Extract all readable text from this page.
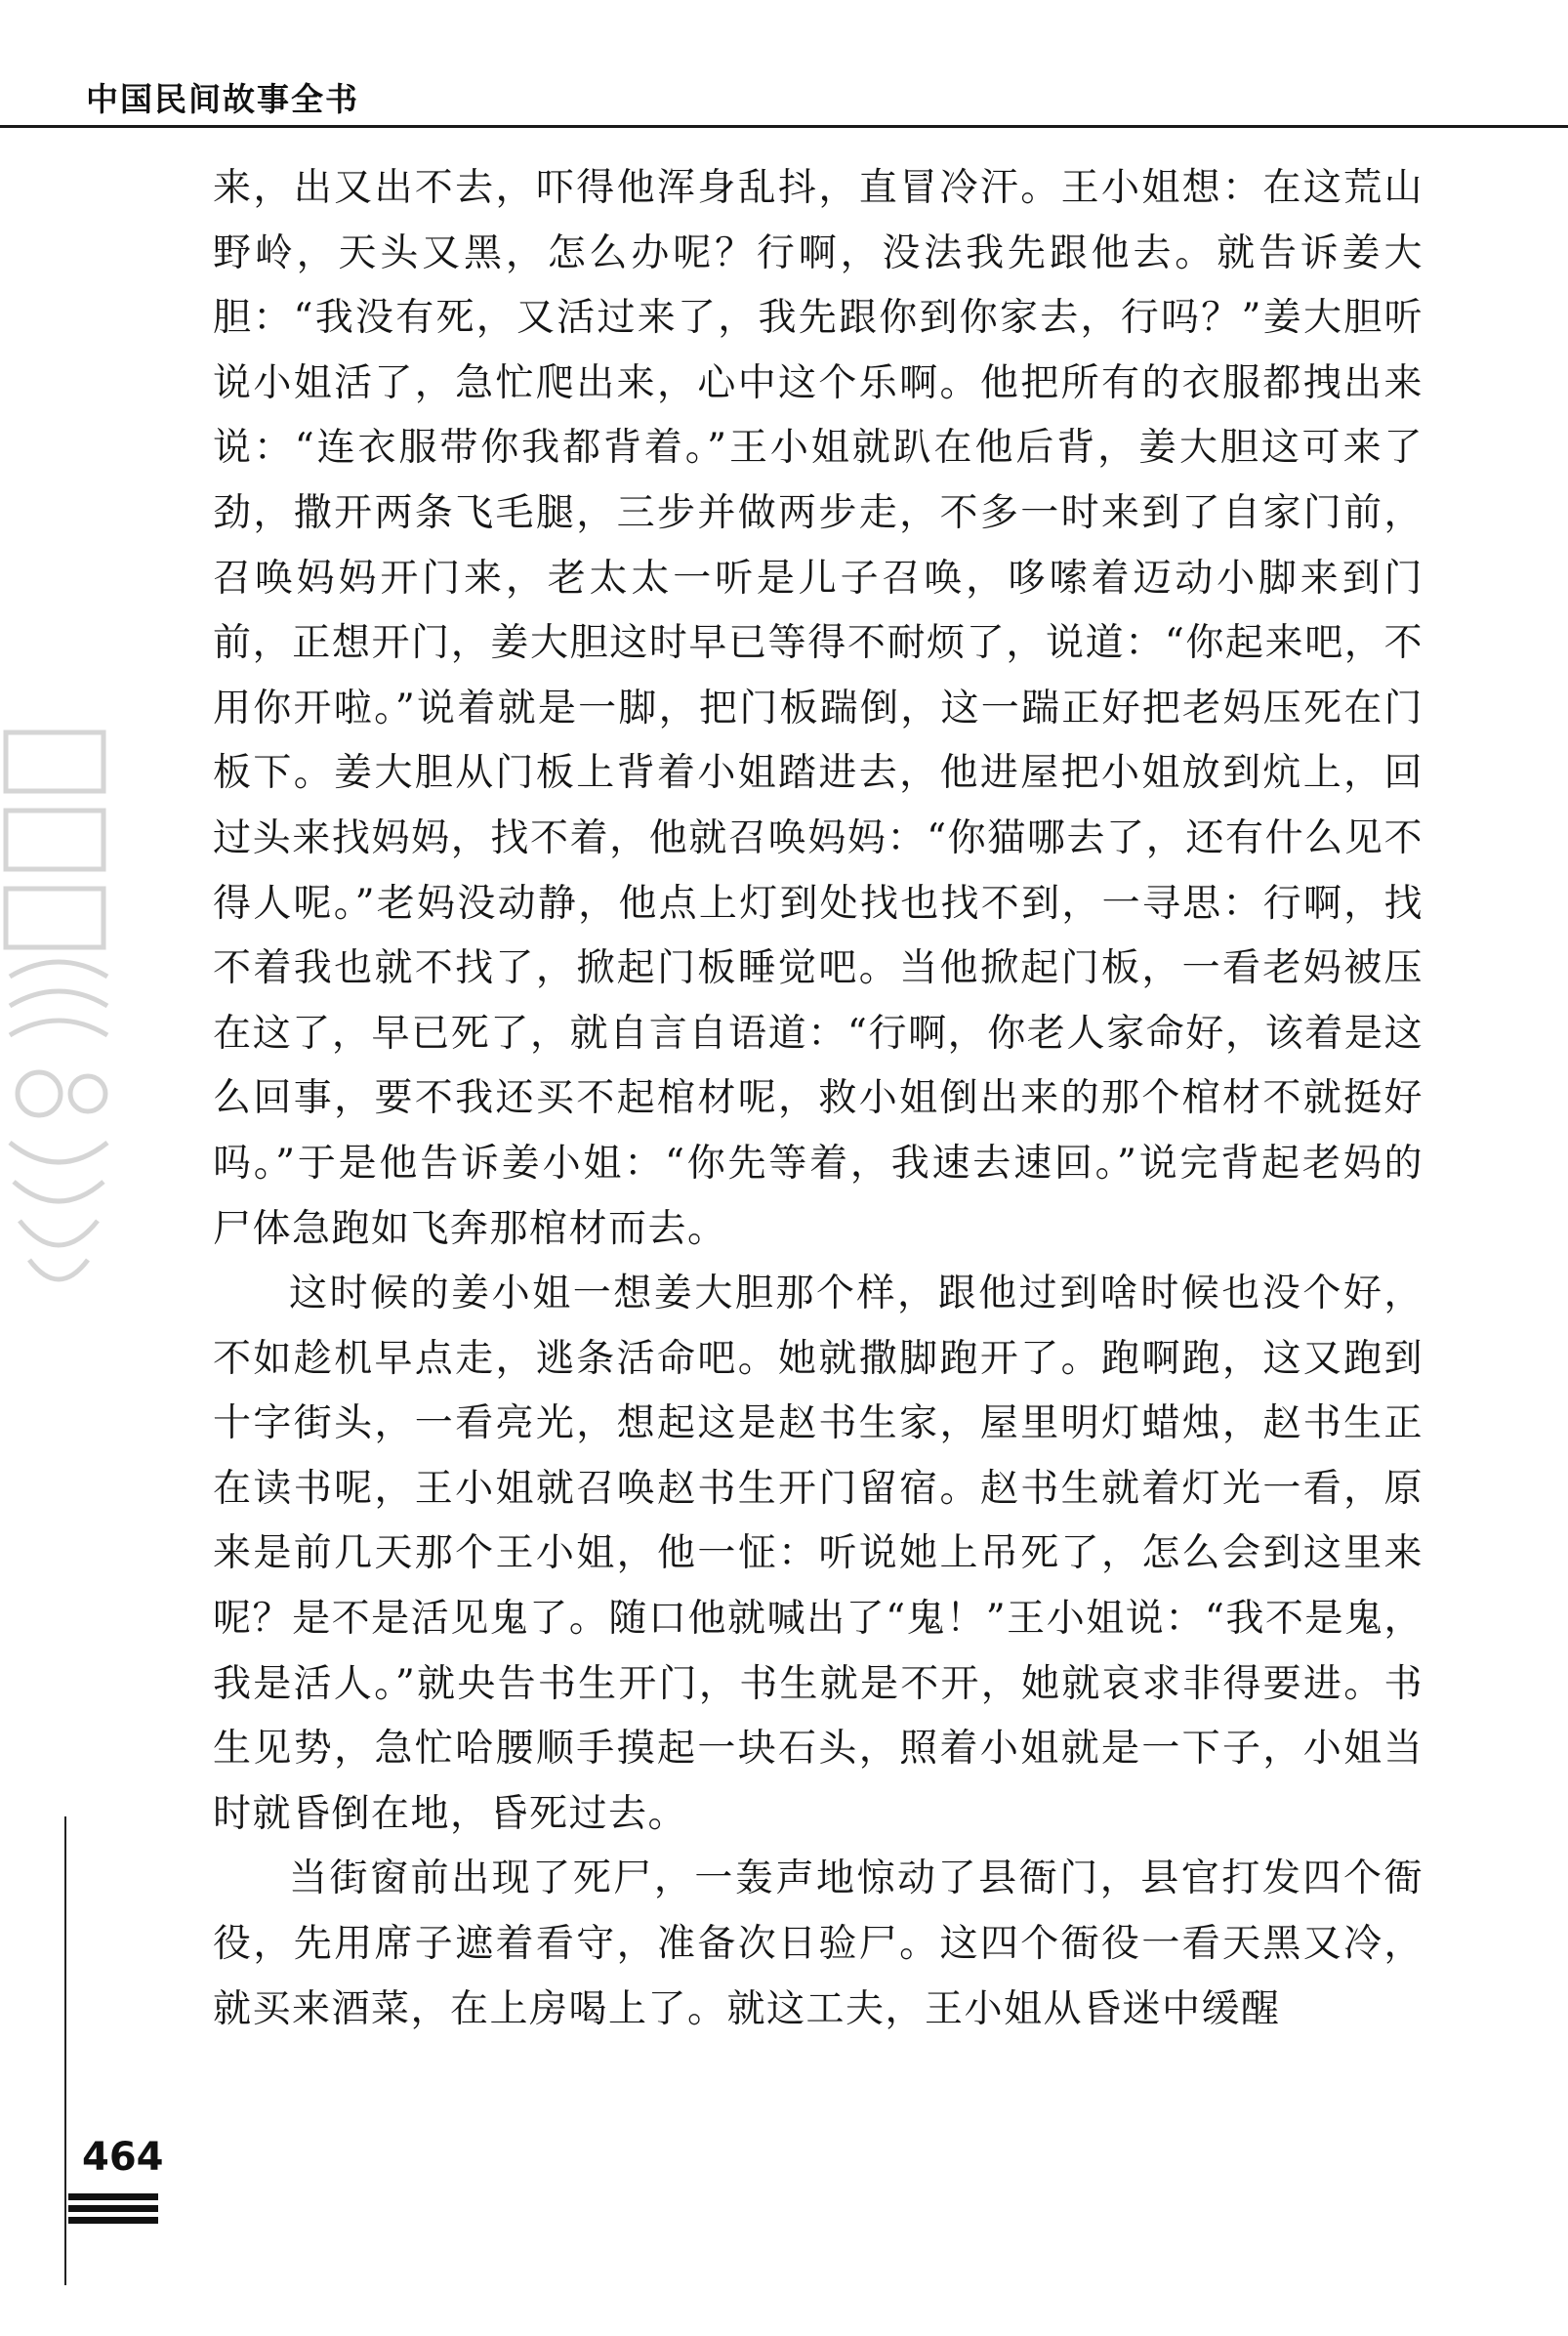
中国民间故事全书

来，出又出不去，吓得他浑身乱抖，直冒冷汗。王小姐想：在这荒山野岭，天头又黑，怎么办呢？行啊，没法我先跟他去。就告诉姜大胆：“我没有死，又活过来了，我先跟你到你家去，行吗？”姜大胆听说小姐活了，急忙爬出来，心中这个乐啊。他把所有的衣服都拽出来说：“连衣服带你我都背着。”王小姐就趴在他后背，姜大胆这可来了劲，撒开两条飞毛腿，三步并做两步走，不多一时来到了自家门前，召唤妈妈开门来，老太太一听是儿子召唤，哆嗦着迈动小脚来到门前，正想开门，姜大胆这时早已等得不耐烦了，说道：“你起来吧，不用你开啦。”说着就是一脚，把门板踹倒，这一踹正好把老妈压死在门板下。姜大胆从门板上背着小姐踏进去，他进屋把小姐放到炕上，回过头来找妈妈，找不着，他就召唤妈妈：“你猫哪去了，还有什么见不得人呢。”老妈没动静，他点上灯到处找也找不到，一寻思：行啊，找不着我也就不找了，掀起门板睡觉吧。当他掀起门板，一看老妈被压在这了，早已死了，就自言自语道：“行啊，你老人家命好，该着是这么回事，要不我还买不起棺材呢，救小姐倒出来的那个棺材不就挺好吗。”于是他告诉姜小姐：“你先等着，我速去速回。”说完背起老妈的尸体急跑如飞奔那棺材而去。

这时候的姜小姐一想姜大胆那个样，跟他过到啥时候也没个好，不如趁机早点走，逃条活命吧。她就撒脚跑开了。跑啊跑，这又跑到十字街头，一看亮光，想起这是赵书生家，屋里明灯蜡烛，赵书生正在读书呢，王小姐就召唤赵书生开门留宿。赵书生就着灯光一看，原来是前几天那个王小姐，他一怔：听说她上吊死了，怎么会到这里来呢？是不是活见鬼了。随口他就喊出了“鬼！”王小姐说：“我不是鬼，我是活人。”就央告书生开门，书生就是不开，她就哀求非得要进。书生见势，急忙哈腰顺手摸起一块石头，照着小姐就是一下子，小姐当时就昏倒在地，昏死过去。

当街窗前出现了死尸，一轰声地惊动了县衙门，县官打发四个衙役，先用席子遮着看守，准备次日验尸。这四个衙役一看天黑又冷，就买来酒菜，在上房喝上了。就这工夫，王小姐从昏迷中缓醒

464
